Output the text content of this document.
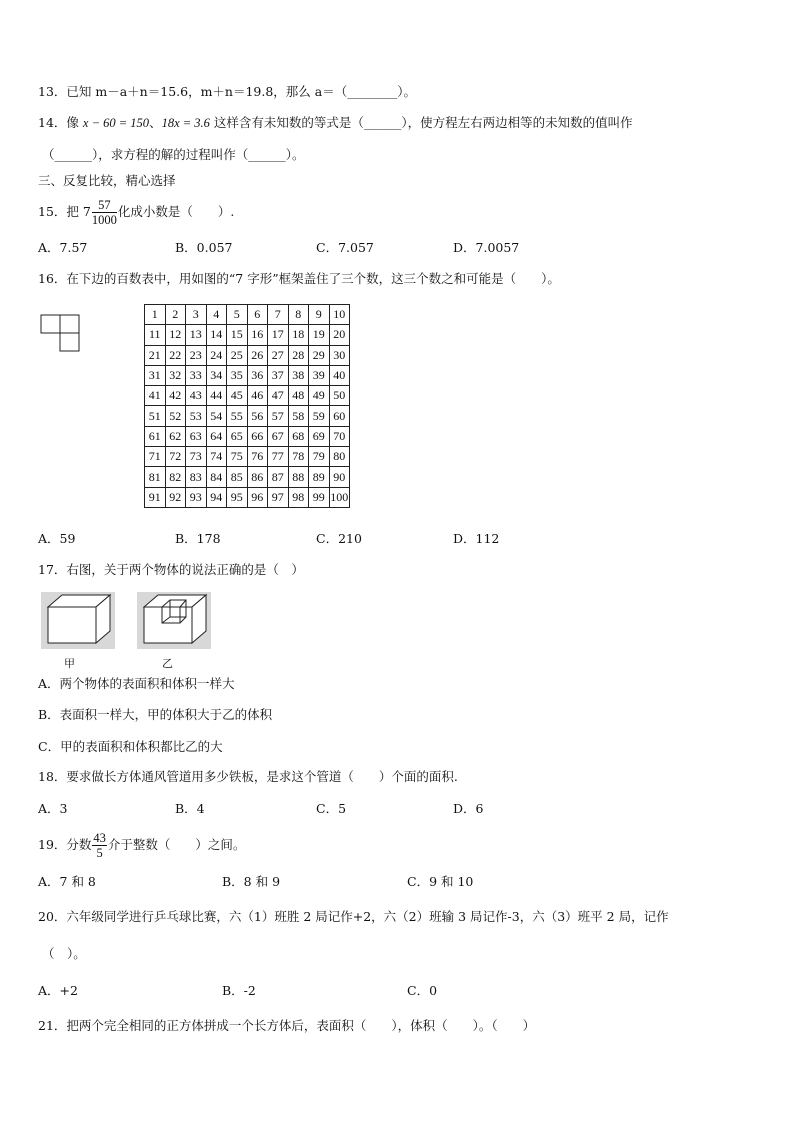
13．已知 m－a＋n＝15.6，m＋n＝19.8，那么 a＝（________）。
14．像 x − 60 = 150、18x = 3.6 这样含有未知数的等式是（______），使方程左右两边相等的未知数的值叫作
（______），求方程的解的过程叫作（______）。
三、反复比较，精心选择
15．把 $7 \frac{57}{1000}$ 化成小数是（　　）.
A．7.57	B．0.057	C．7.057	D．7.0057
16．在下边的百数表中，用如图的“7 字形”框架盖住了三个数，这三个数之和可能是（　　）。
1	2	3	4	5	6	7	8	9	10
11	12	13	14	15	16	17	18	19	20
21	22	23	24	25	26	27	28	29	30
31	32	33	34	35	36	37	38	39	40
41	42	43	44	45	46	47	48	49	50
51	52	53	54	55	56	57	58	59	60
61	62	63	64	65	66	67	68	69	70
71	72	73	74	75	76	77	78	79	80
81	82	83	84	85	86	87	88	89	90
91	92	93	94	95	96	97	98	99	100
A．59	B．178	C．210	D．112
17．右图，关于两个物体的说法正确的是（　）
甲	乙
A．两个物体的表面积和体积一样大
B．表面积一样大，甲的体积大于乙的体积
C．甲的表面积和体积都比乙的大
18．要求做长方体通风管道用多少铁板，是求这个管道（　　）个面的面积.
A．3	B．4	C．5	D．6
19．分数 $\frac{43}{5}$ 介于整数（　　）之间。
A．7 和 8	B．8 和 9	C．9 和 10
20．六年级同学进行乒乓球比赛，六（1）班胜 2 局记作+2，六（2）班输 3 局记作-3，六（3）班平 2 局，记作
（　）。
A．+2	B．-2	C．0
21．把两个完全相同的正方体拼成一个长方体后，表面积（　　），体积（　　）。（　　）
